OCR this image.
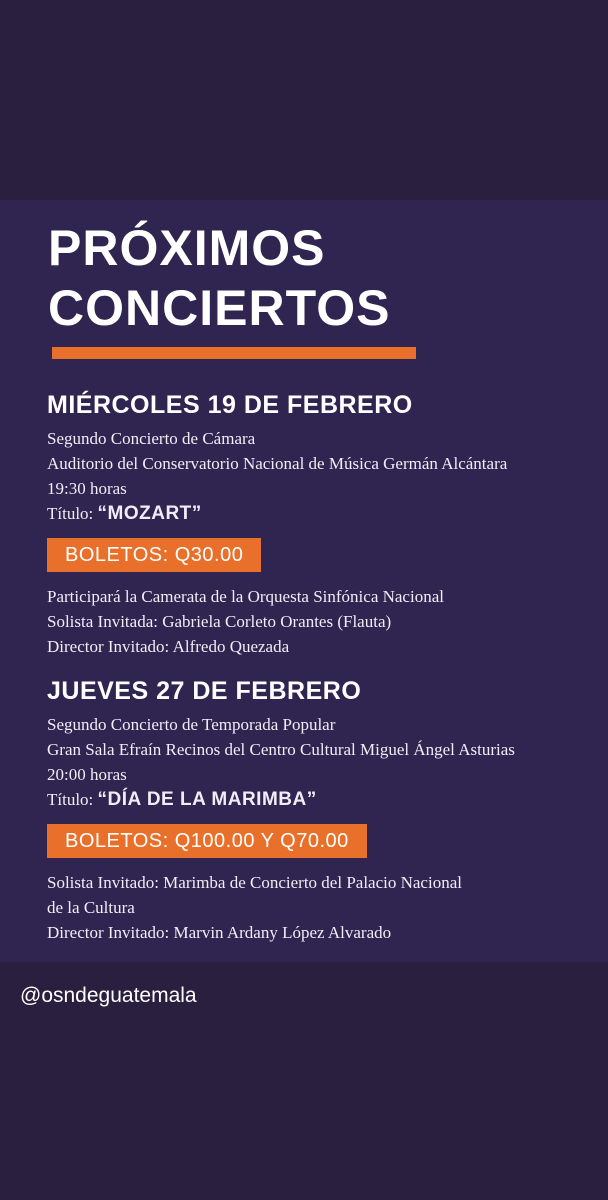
PRÓXIMOS
CONCIERTOS
MIÉRCOLES 19 DE FEBRERO
Segundo Concierto de Cámara
Auditorio del Conservatorio Nacional de Música Germán Alcántara
19:30 horas
Título: “MOZART”
BOLETOS: Q30.00
Participará la Camerata de la Orquesta Sinfónica Nacional
Solista Invitada: Gabriela Corleto Orantes (Flauta)
Director Invitado: Alfredo Quezada
JUEVES 27 DE FEBRERO
Segundo Concierto de Temporada Popular
Gran Sala Efraín Recinos del Centro Cultural Miguel Ángel Asturias
20:00 horas
Título: “DÍA DE LA MARIMBA”
BOLETOS: Q100.00 Y Q70.00
Solista Invitado: Marimba de Concierto del Palacio Nacional
de la Cultura
Director Invitado: Marvin Ardany López Alvarado
@osndeguatemala
